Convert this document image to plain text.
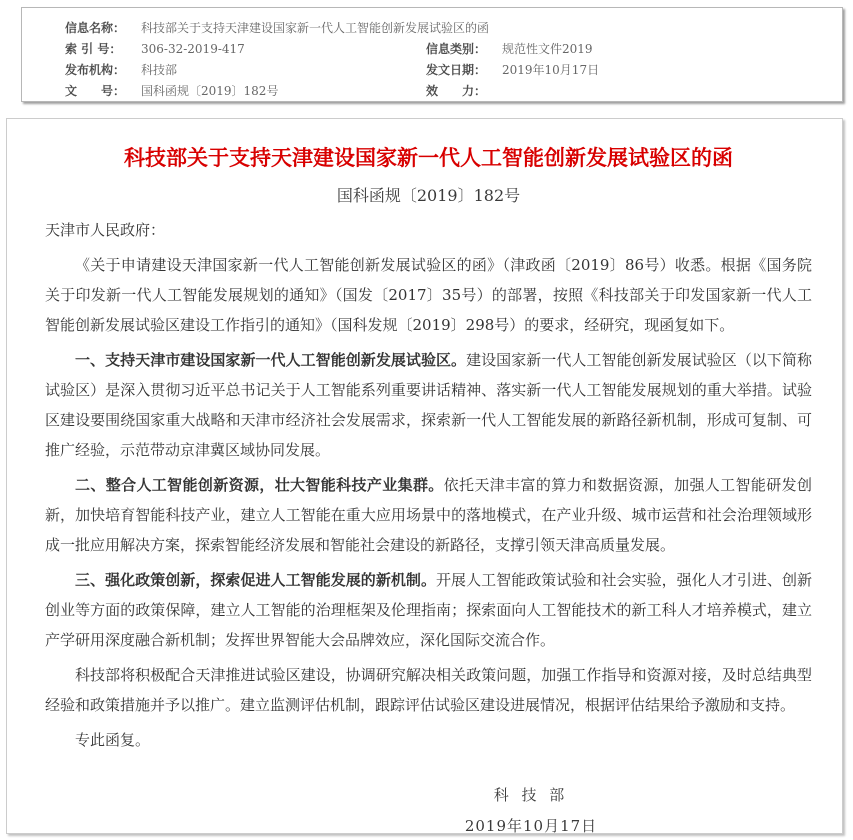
信息名称：	科技部关于支持天津建设国家新一代人工智能创新发展试验区的函
索 引 号：	306-32-2019-417	信息类别：	规范性文件2019
发布机构：	科技部	发文日期：	2019年10月17日
文　　号：	国科函规〔2019〕182号	效　　力：
科技部关于支持天津建设国家新一代人工智能创新发展试验区的函
国科函规〔2019〕182号

天津市人民政府：

《关于申请建设天津国家新一代人工智能创新发展试验区的函》（津政函〔2019〕86号）收悉。根据《国务院关于印发新一代人工智能发展规划的通知》（国发〔2017〕35号）的部署，按照《科技部关于印发国家新一代人工智能创新发展试验区建设工作指引的通知》（国科发规〔2019〕298号）的要求，经研究，现函复如下。

一、支持天津市建设国家新一代人工智能创新发展试验区。建设国家新一代人工智能创新发展试验区（以下简称试验区）是深入贯彻习近平总书记关于人工智能系列重要讲话精神、落实新一代人工智能发展规划的重大举措。试验区建设要围绕国家重大战略和天津市经济社会发展需求，探索新一代人工智能发展的新路径新机制，形成可复制、可推广经验，示范带动京津冀区域协同发展。

二、整合人工智能创新资源，壮大智能科技产业集群。依托天津丰富的算力和数据资源，加强人工智能研发创新，加快培育智能科技产业，建立人工智能在重大应用场景中的落地模式，在产业升级、城市运营和社会治理领域形成一批应用解决方案，探索智能经济发展和智能社会建设的新路径，支撑引领天津高质量发展。

三、强化政策创新，探索促进人工智能发展的新机制。开展人工智能政策试验和社会实验，强化人才引进、创新创业等方面的政策保障，建立人工智能的治理框架及伦理指南；探索面向人工智能技术的新工科人才培养模式，建立产学研用深度融合新机制；发挥世界智能大会品牌效应，深化国际交流合作。

科技部将积极配合天津推进试验区建设，协调研究解决相关政策问题，加强工作指导和资源对接，及时总结典型经验和政策措施并予以推广。建立监测评估机制，跟踪评估试验区建设进展情况，根据评估结果给予激励和支持。

专此函复。

科 技 部
2019年10月17日
